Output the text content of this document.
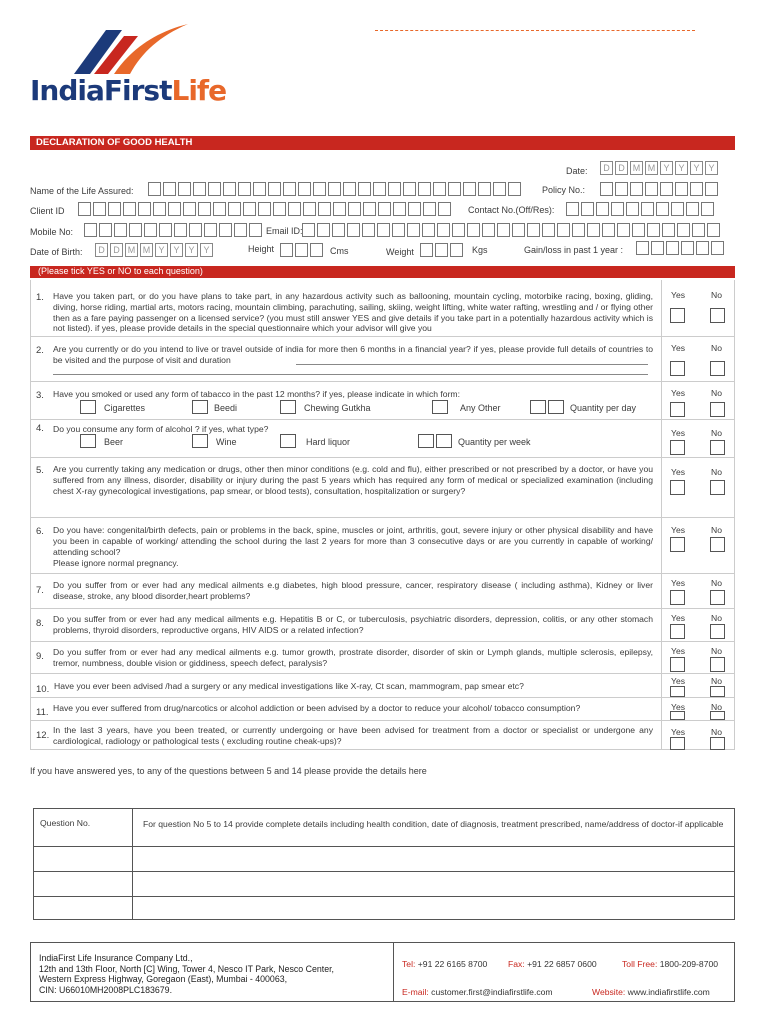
IndiaFirstLife
DECLARATION OF GOOD HEALTH
Date:	D D M M Y Y Y Y
Name of the Life Assured:	Policy No.:
Client ID	Contact No.(Off/Res):
Mobile No:	Email ID:
Date of Birth:	D D M M Y Y Y Y	Height	Cms	Weight	Kgs	Gain/loss in past 1 year :
(Please tick YES or NO to each question)
1. Have you taken part, or do you have plans to take part, in any hazardous activity such as ballooning, mountain cycling, motorbike racing, boxing, gliding, diving, horse riding, martial arts, motors racing, mountain climbing, parachuting, sailing, skiing, weight lifting, white water rafting, wrestling and / or flying other then as a fare paying passenger on a licensed service? (you must still answer YES and give details if you take part in a potentially hazardous activity which is not listed). if yes, please provide details in the special questionnaire which your advisor will give you
Yes	No
2. Are you currently or do you intend to live or travel outside of india for more then 6 months in a financial year? if yes, please provide full details of countries to be visited and the purpose of visit and duration
Yes	No
3. Have you smoked or used any form of tabacco in the past 12 months? if yes, please indicate in which form:
Cigarettes	Beedi	Chewing Gutkha	Any Other	Quantity per day
Yes	No
4. Do you consume any form of alcohol ? if yes, what type?
Beer	Wine	Hard liquor	Quantity per week
Yes	No
5. Are you currently taking any medication or drugs, other then minor conditions (e.g. cold and flu), either prescribed or not prescribed by a doctor, or have you suffered from any illness, disorder, disability or injury during the past 5 years which has required any form of medical or specialized examination (including chest X-ray gynecological investigations, pap smear, or blood tests), consultation, hospitalization or surgery?
Yes	No
6. Do you have: congenital/birth defects, pain or problems in the back, spine, muscles or joint, arthritis, gout, severe injury or other physical disability and have you been in capable of working/ attending the school during the last 2 years for more than 3 consecutive days or are you currently in capable of working/ attending school?
Please ignore normal pregnancy.
Yes	No
7. Do you suffer from or ever had any medical ailments e.g diabetes, high blood pressure, cancer, respiratory disease ( including asthma), Kidney or liver disease, stroke, any blood disorder,heart problems?
Yes	No
8. Do you suffer from or ever had any medical ailments e.g. Hepatitis B or C, or tuberculosis, psychiatric disorders, depression, colitis, or any other stomach problems, thyroid disorders, reproductive organs, HIV AIDS or a related infection?
Yes	No
9. Do you suffer from or ever had any medical ailments e.g. tumor growth, prostrate disorder, disorder of skin or Lymph glands, multiple sclerosis, epilepsy, tremor, numbness, double vision or giddiness, speech defect, paralysis?
Yes	No
10. Have you ever been advised /had a surgery or any medical investigations like X-ray, Ct scan, mammogram, pap smear etc?	Yes	No
11. Have you ever suffered from drug/narcotics or alcohol addiction or been advised by a doctor to reduce your alcohol/ tobacco consumption?	Yes	No
12. In the last 3 years, have you been treated, or currently undergoing or have been advised for treatment from a doctor or specialist or undergone any cardiological, radiology or pathological tests ( excluding routine cheak-ups)?
Yes	No
If you have answered yes, to any of the questions between 5 and 14 please provide the details here
Question No.	For question No 5 to 14 provide complete details including health condition, date of diagnosis, treatment prescribed, name/address of doctor-if applicable
IndiaFirst Life Insurance Company Ltd.,
12th and 13th Floor, North [C] Wing, Tower 4, Nesco IT Park, Nesco Center,
Western Express Highway, Goregaon (East), Mumbai - 400063,
CIN: U66010MH2008PLC183679.
Tel: +91 22 6165 8700 Fax: +91 22 6857 0600	Toll Free: 1800-209-8700
E-mail: customer.first@indiafirstlife.com	Website: www.indiafirstlife.com
